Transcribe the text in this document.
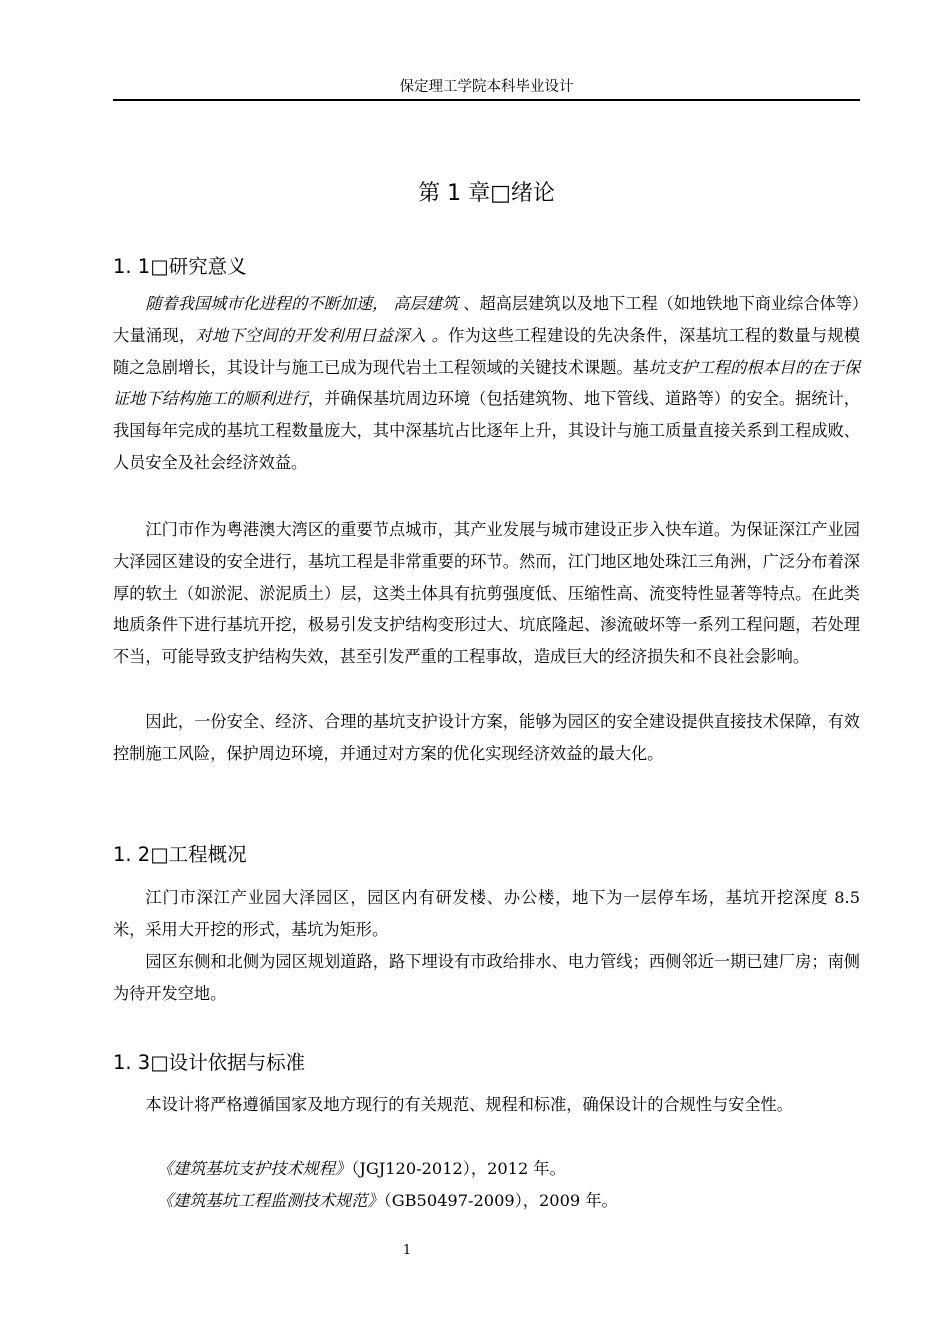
保定理工学院本科毕业设计
第 1 章□绪论
1. 1□研究意义

随着我国城市化进程的不断加速， 高层建筑 、超高层建筑以及地下工程（如地铁地下商业综合体等）大量涌现，对地下空间的开发利用日益深入 。作为这些工程建设的先决条件，深基坑工程的数量与规模随之急剧增长，其设计与施工已成为现代岩土工程领域的关键技术课题。基坑支护工程的根本目的在于保证地下结构施工的顺利进行，并确保基坑周边环境（包括建筑物、地下管线、道路等）的安全。据统计，我国每年完成的基坑工程数量庞大，其中深基坑占比逐年上升，其设计与施工质量直接关系到工程成败、人员安全及社会经济效益。

江门市作为粤港澳大湾区的重要节点城市，其产业发展与城市建设正步入快车道。为保证深江产业园大泽园区建设的安全进行，基坑工程是非常重要的环节。然而，江门地区地处珠江三角洲，广泛分布着深厚的软土（如淤泥、淤泥质土）层，这类土体具有抗剪强度低、压缩性高、流变特性显著等特点。在此类地质条件下进行基坑开挖，极易引发支护结构变形过大、坑底隆起、渗流破坏等一系列工程问题，若处理不当，可能导致支护结构失效，甚至引发严重的工程事故，造成巨大的经济损失和不良社会影响。

因此，一份安全、经济、合理的基坑支护设计方案，能够为园区的安全建设提供直接技术保障，有效控制施工风险，保护周边环境，并通过对方案的优化实现经济效益的最大化。

1. 2□工程概况

江门市深江产业园大泽园区，园区内有研发楼、办公楼，地下为一层停车场，基坑开挖深度 8.5 米，采用大开挖的形式，基坑为矩形。

园区东侧和北侧为园区规划道路，路下埋设有市政给排水、电力管线；西侧邻近一期已建厂房；南侧为待开发空地。

1. 3□设计依据与标准

本设计将严格遵循国家及地方现行的有关规范、规程和标准，确保设计的合规性与安全性。

《建筑基坑支护技术规程》（JGJ120-2012），2012 年。

《建筑基坑工程监测技术规范》（GB50497-2009），2009 年。

1
